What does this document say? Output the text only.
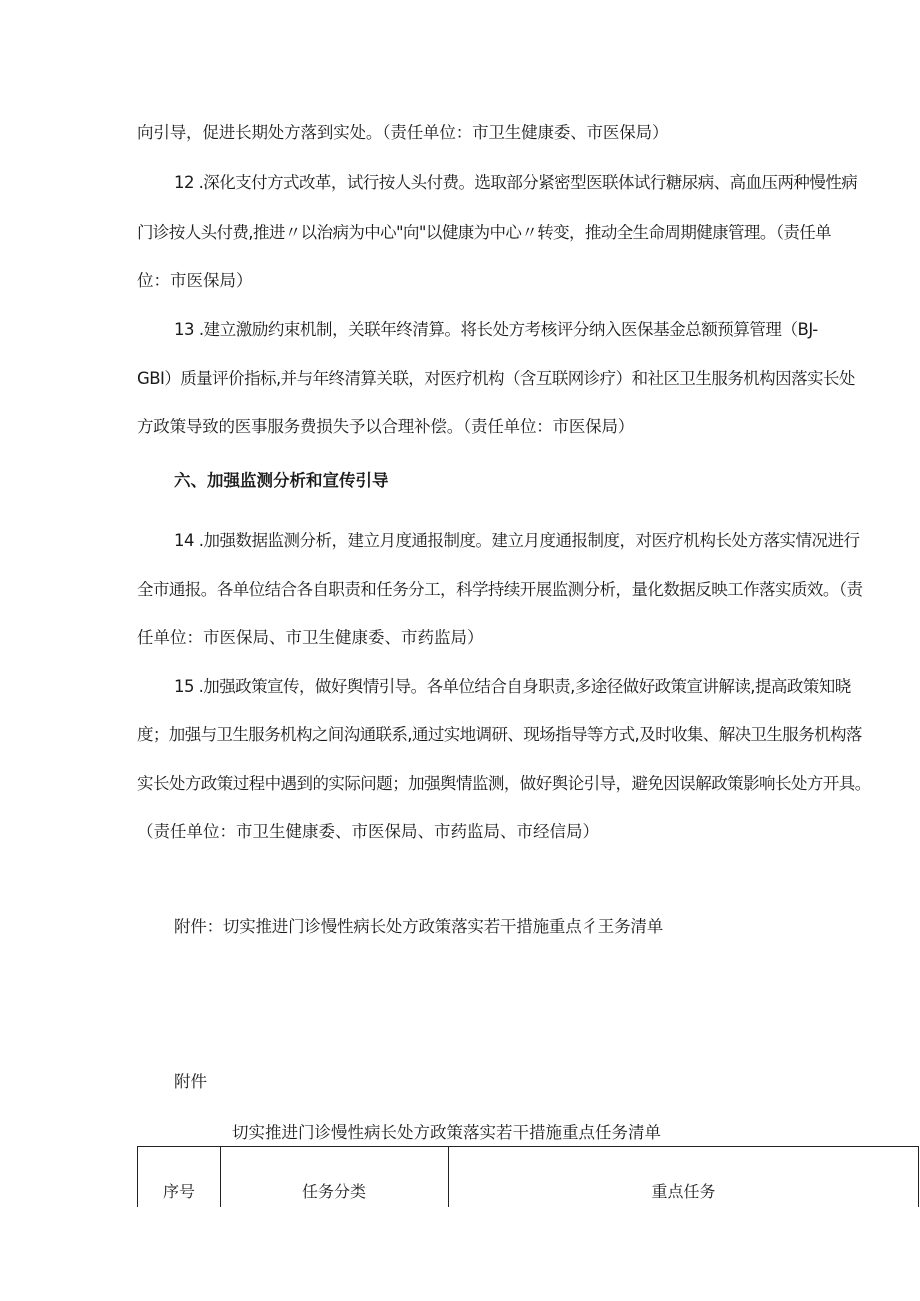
向引导，促进长期处方落到实处。（责任单位：市卫生健康委、市医保局）
12 .深化支付方式改革，试行按人头付费。选取部分紧密型医联体试行糖尿病、高血压两种慢性病
门诊按人头付费,推进〃以治病为中心"向"以健康为中心〃转变，推动全生命周期健康管理。（责任单
位：市医保局）
13 .建立激励约束机制，关联年终清算。将长处方考核评分纳入医保基金总额预算管理（BJ-
GBI）质量评价指标,并与年终清算关联，对医疗机构（含互联网诊疗）和社区卫生服务机构因落实长处
方政策导致的医事服务费损失予以合理补偿。（责任单位：市医保局）
六、加强监测分析和宣传引导
14 .加强数据监测分析，建立月度通报制度。建立月度通报制度，对医疗机构长处方落实情况进行
全市通报。各单位结合各自职责和任务分工，科学持续开展监测分析，量化数据反映工作落实质效。（责
任单位：市医保局、市卫生健康委、市药监局）
15 .加强政策宣传，做好舆情引导。各单位结合自身职责,多途径做好政策宣讲解读,提高政策知晓
度；加强与卫生服务机构之间沟通联系,通过实地调研、现场指导等方式,及时收集、解决卫生服务机构落
实长处方政策过程中遇到的实际问题；加强舆情监测，做好舆论引导，避免因误解政策影响长处方开具。
（责任单位：市卫生健康委、市医保局、市药监局、市经信局）
附件：切实推进门诊慢性病长处方政策落实若干措施重点彳王务清单
附件
切实推进门诊慢性病长处方政策落实若干措施重点任务清单
序号	任务分类	重点任务
